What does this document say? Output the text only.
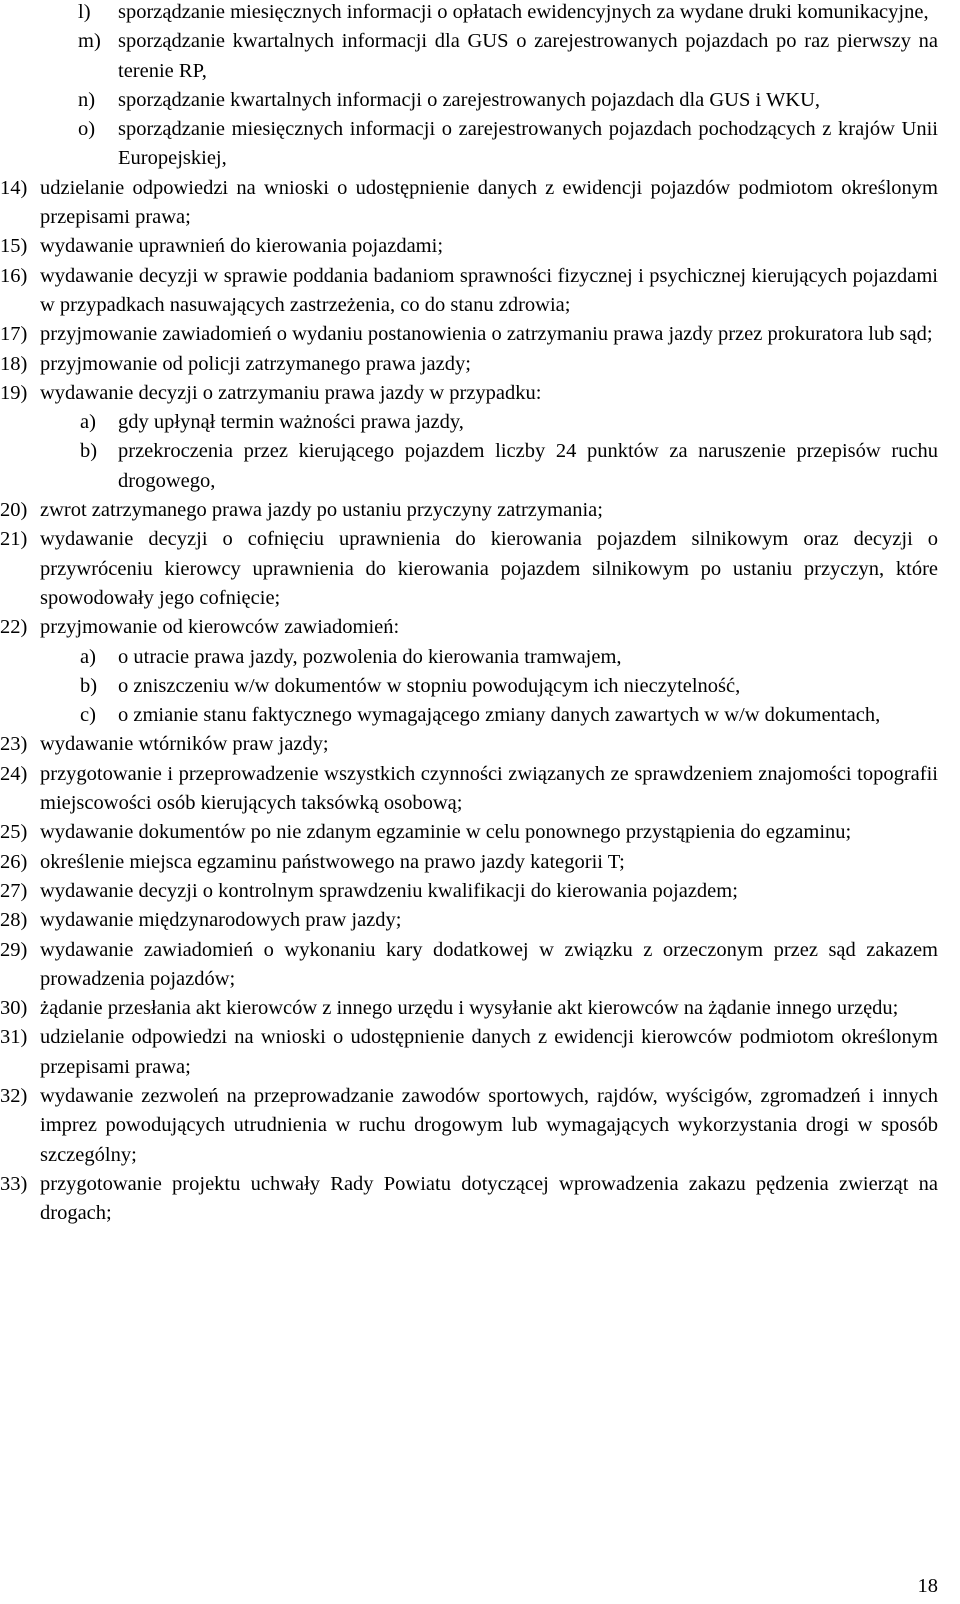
l) sporządzanie miesięcznych informacji o opłatach ewidencyjnych za wydane druki komunikacyjne,
m) sporządzanie kwartalnych informacji dla GUS o zarejestrowanych pojazdach po raz pierwszy na terenie RP,
n) sporządzanie kwartalnych informacji o zarejestrowanych pojazdach dla GUS i WKU,
o) sporządzanie miesięcznych informacji o zarejestrowanych pojazdach pochodzących z krajów Unii Europejskiej,
14) udzielanie odpowiedzi na wnioski o udostępnienie danych z ewidencji pojazdów podmiotom określonym przepisami prawa;
15) wydawanie uprawnień do kierowania pojazdami;
16) wydawanie decyzji w sprawie poddania badaniom sprawności fizycznej i psychicznej kierujących pojazdami w przypadkach nasuwających zastrzeżenia, co do stanu zdrowia;
17) przyjmowanie zawiadomień o wydaniu postanowienia o zatrzymaniu prawa jazdy przez prokuratora lub sąd;
18) przyjmowanie od policji zatrzymanego prawa jazdy;
19) wydawanie decyzji o zatrzymaniu prawa jazdy w przypadku:
a) gdy upłynął termin ważności prawa jazdy,
b) przekroczenia przez kierującego pojazdem liczby 24 punktów za naruszenie przepisów ruchu drogowego,
20) zwrot zatrzymanego prawa jazdy po ustaniu przyczyny zatrzymania;
21) wydawanie decyzji o cofnięciu uprawnienia do kierowania pojazdem silnikowym oraz decyzji o przywróceniu kierowcy uprawnienia do kierowania pojazdem silnikowym po ustaniu przyczyn, które spowodowały jego cofnięcie;
22) przyjmowanie od kierowców zawiadomień:
a) o utracie prawa jazdy, pozwolenia do kierowania tramwajem,
b) o zniszczeniu w/w dokumentów w stopniu powodującym ich nieczytelność,
c) o zmianie stanu faktycznego wymagającego zmiany danych zawartych w w/w dokumentach,
23) wydawanie wtórników praw jazdy;
24) przygotowanie i przeprowadzenie wszystkich czynności związanych ze sprawdzeniem znajomości topografii miejscowości osób kierujących taksówką osobową;
25) wydawanie dokumentów po nie zdanym egzaminie w celu ponownego przystąpienia do egzaminu;
26) określenie miejsca egzaminu państwowego na prawo jazdy kategorii T;
27) wydawanie decyzji o kontrolnym sprawdzeniu kwalifikacji do kierowania pojazdem;
28) wydawanie międzynarodowych praw jazdy;
29) wydawanie zawiadomień o wykonaniu kary dodatkowej w związku z orzeczonym przez sąd zakazem prowadzenia pojazdów;
30) żądanie przesłania akt kierowców z innego urzędu i wysyłanie akt kierowców na żądanie innego urzędu;
31) udzielanie odpowiedzi na wnioski o udostępnienie danych z ewidencji kierowców podmiotom określonym przepisami prawa;
32) wydawanie zezwoleń na przeprowadzanie zawodów sportowych, rajdów, wyścigów, zgromadzeń i innych imprez powodujących utrudnienia w ruchu drogowym lub wymagających wykorzystania drogi w sposób szczególny;
33) przygotowanie projektu uchwały Rady Powiatu dotyczącej wprowadzenia zakazu pędzenia zwierząt na drogach;
18
